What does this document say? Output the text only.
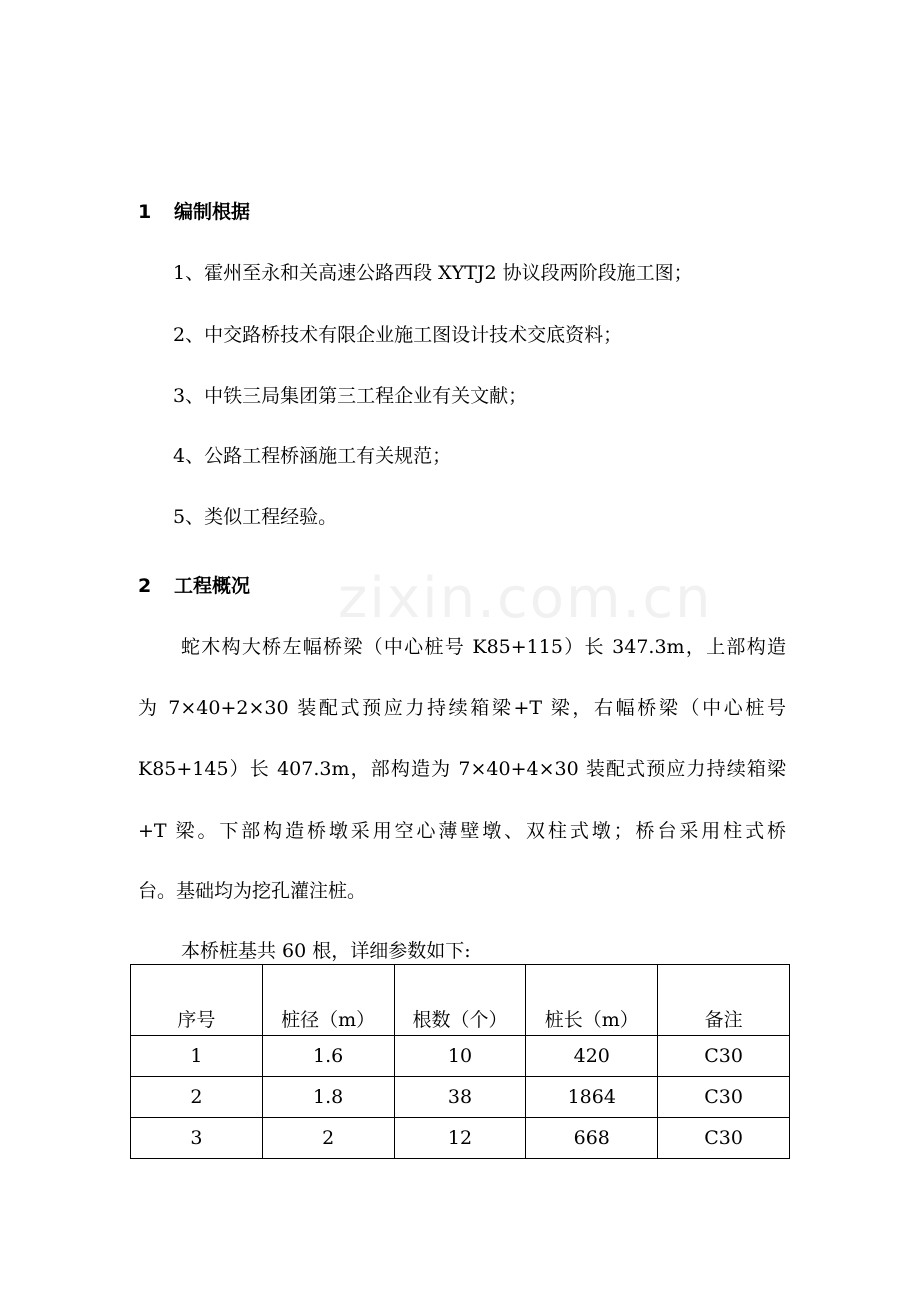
zixin.com.cn
1 编制根据
1、霍州至永和关高速公路西段 XYTJ2 协议段两阶段施工图；
2、中交路桥技术有限企业施工图设计技术交底资料；
3、中铁三局集团第三工程企业有关文献；
4、公路工程桥涵施工有关规范；
5、类似工程经验。
2 工程概况
蛇木构大桥左幅桥梁（中心桩号 K85+115）长 347.3m，上部构造
为 7×40+2×30 装配式预应力持续箱梁+T 梁，右幅桥梁（中心桩号
K85+145）长 407.3m，部构造为 7×40+4×30 装配式预应力持续箱梁
+T 梁。下部构造桥墩采用空心薄壁墩、双柱式墩；桥台采用柱式桥
台。基础均为挖孔灌注桩。
本桥桩基共 60 根，详细参数如下:
序号	桩径（m）	根数（个）	桩长（m）	备注
1	1.6	10	420	C30
2	1.8	38	1864	C30
3	2	12	668	C30
